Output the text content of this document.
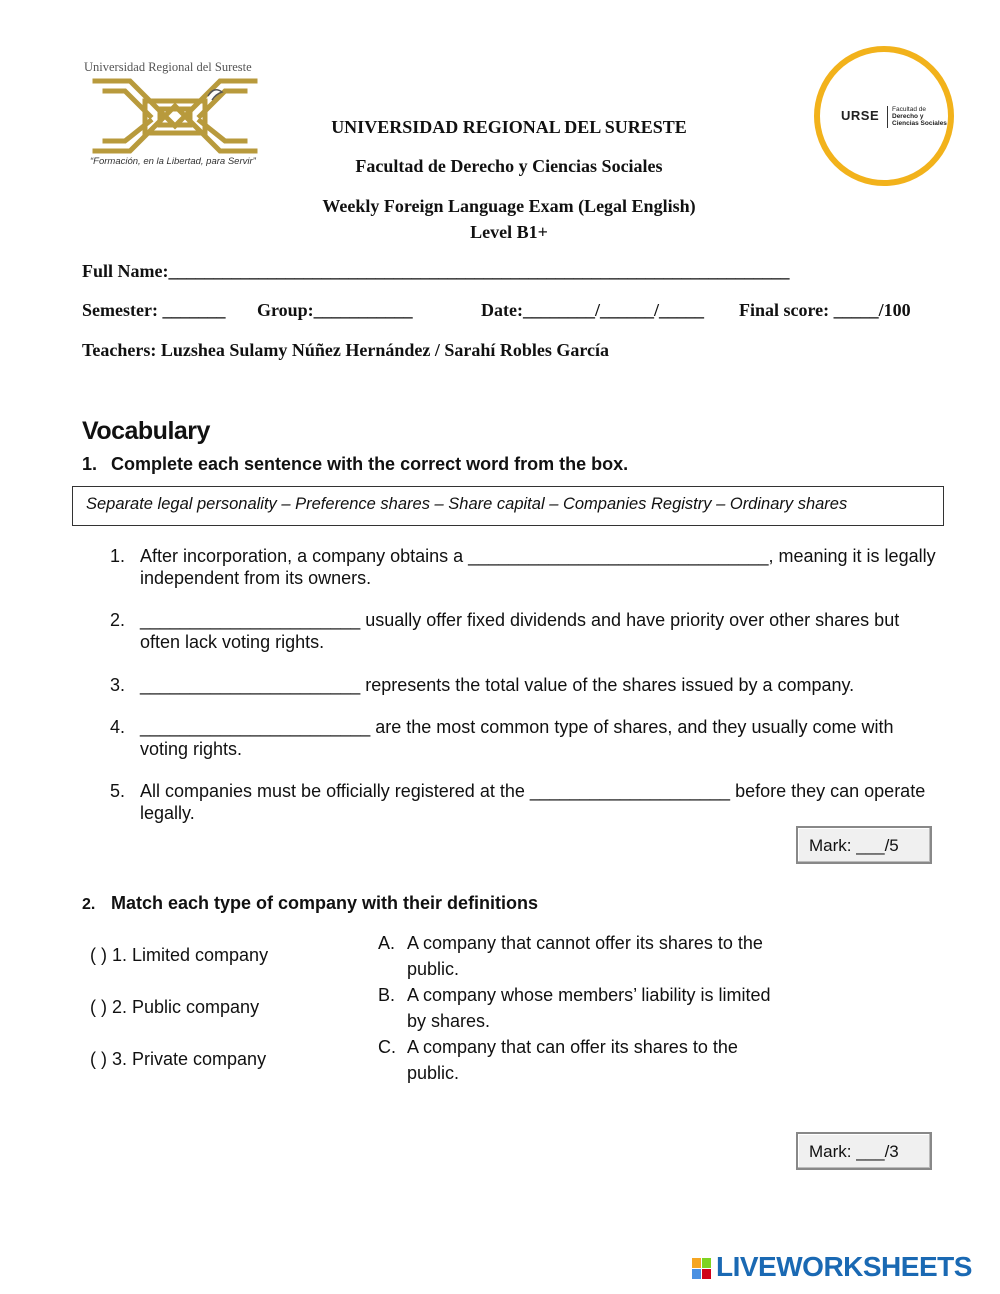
Universidad Regional del Sureste
“Formación, en la Libertad, para Servir”
URSE Facultad de
Derecho y
Ciencias Sociales
UNIVERSIDAD REGIONAL DEL SURESTE
Facultad de Derecho y Ciencias Sociales
Weekly Foreign Language Exam (Legal English)
Level B1+
Full Name:_____________________________________________________________________
Semester: _______ Group:___________	Date:________/______/_____ Final score: _____/100
Teachers: Luzshea Sulamy Núñez Hernández / Sarahí Robles García
Vocabulary
1. Complete each sentence with the correct word from the box.
Separate legal personality – Preference shares – Share capital – Companies Registry – Ordinary shares
1. After incorporation, a company obtains a ______________________________, meaning it is legally independent from its owners.
2. ______________________ usually offer fixed dividends and have priority over other shares but often lack voting rights.
3. ______________________ represents the total value of the shares issued by a company.
4. _______________________ are the most common type of shares, and they usually come with voting rights.
5. All companies must be officially registered at the ____________________ before they can operate legally.
Mark: ___/5
2. Match each type of company with their definitions
( ) 1. Limited company
( ) 2. Public company
( ) 3. Private company
A. A company that cannot offer its shares to the public.
B. A company whose members’ liability is limited by shares.
C. A company that can offer its shares to the public.
Mark: ___/3
LIVEWORKSHEETS
